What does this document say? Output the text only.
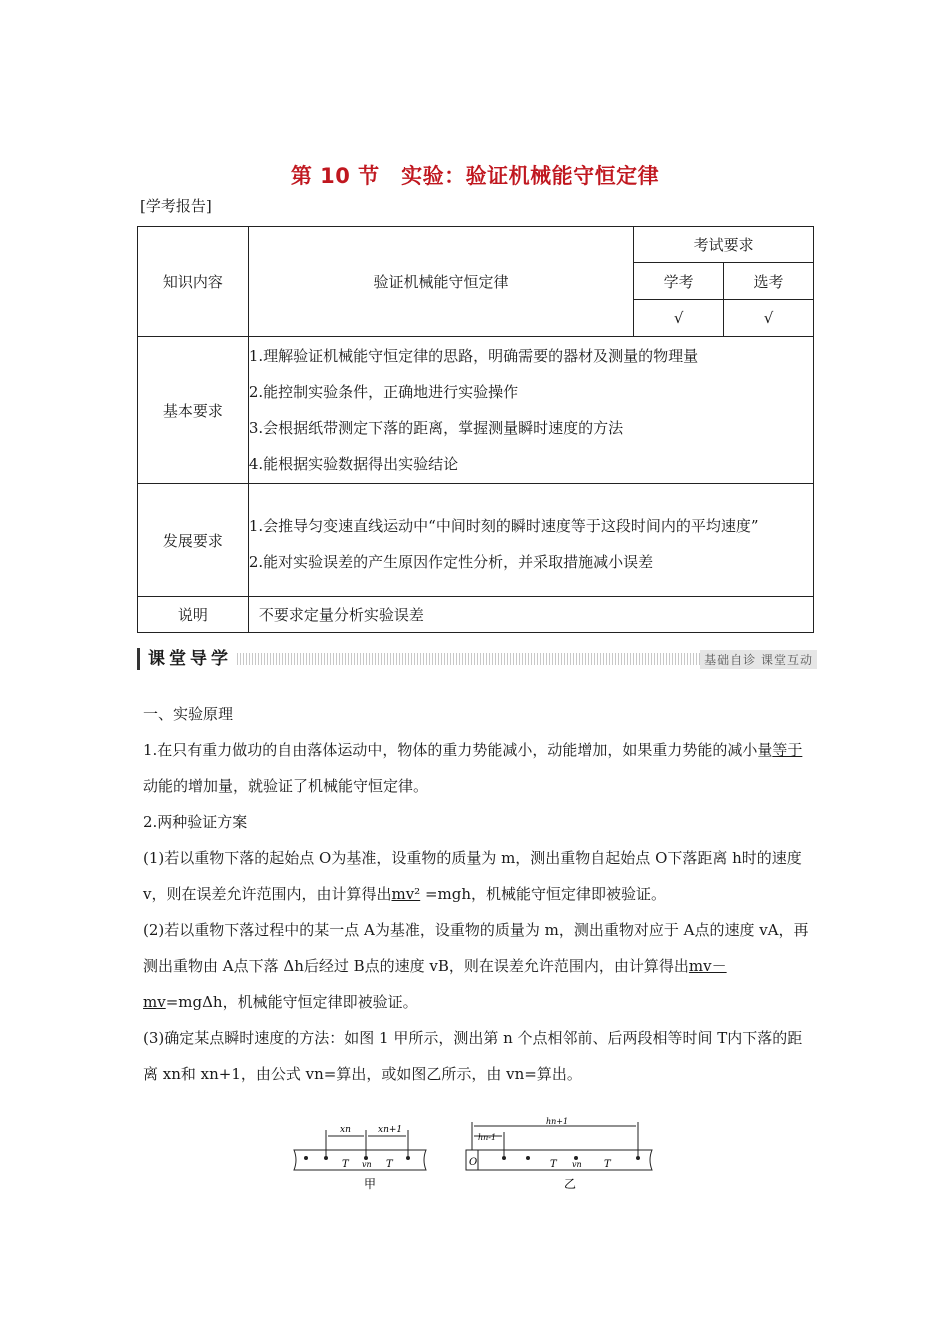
第 10 节　实验：验证机械能守恒定律
[学考报告]
知识内容	验证机械能守恒定律	考试要求	
		学考	选考
		√	√
基本要求	1.理解验证机械能守恒定律的思路，明确需要的器材及测量的物理量

2.能控制实验条件，正确地进行实验操作

3.会根据纸带测定下落的距离，掌握测量瞬时速度的方法

4.能根据实验数据得出实验结论		

发展要求	1.会推导匀变速直线运动中“中间时刻的瞬时速度等于这段时间内的平均速度”

2.能对实验误差的产生原因作定性分析，并采取措施减小误差		

说明	不要求定量分析实验误差		
课堂导学	基础自诊 课堂互动

一、实验原理

1.在只有重力做功的自由落体运动中，物体的重力势能减小，动能增加，如果重力势能的减小量等于动能的增加量，就验证了机械能守恒定律。

2.两种验证方案

(1)若以重物下落的起始点 O为基准，设重物的质量为 m，测出重物自起始点 O下落距离 h时的速度 v，则在误差允许范围内，由计算得出mv² =mgh，机械能守恒定律即被验证。

(2)若以重物下落过程中的某一点 A为基准，设重物的质量为 m，测出重物对应于 A点的速度 vA，再测出重物由 A点下落 Δh后经过 B点的速度 vB，则在误差允许范围内，由计算得出mv－mv=mgΔh，机械能守恒定律即被验证。

(3)确定某点瞬时速度的方法：如图 1 甲所示，测出第 n 个点相邻前、后两段相等时间 T内下落的距离 xn和 xn+1，由公式 vn=算出，或如图乙所示，由 vn=算出。

xn	xn+1
T vn T
甲
O
hn-1
hn+1
T vn T
乙
